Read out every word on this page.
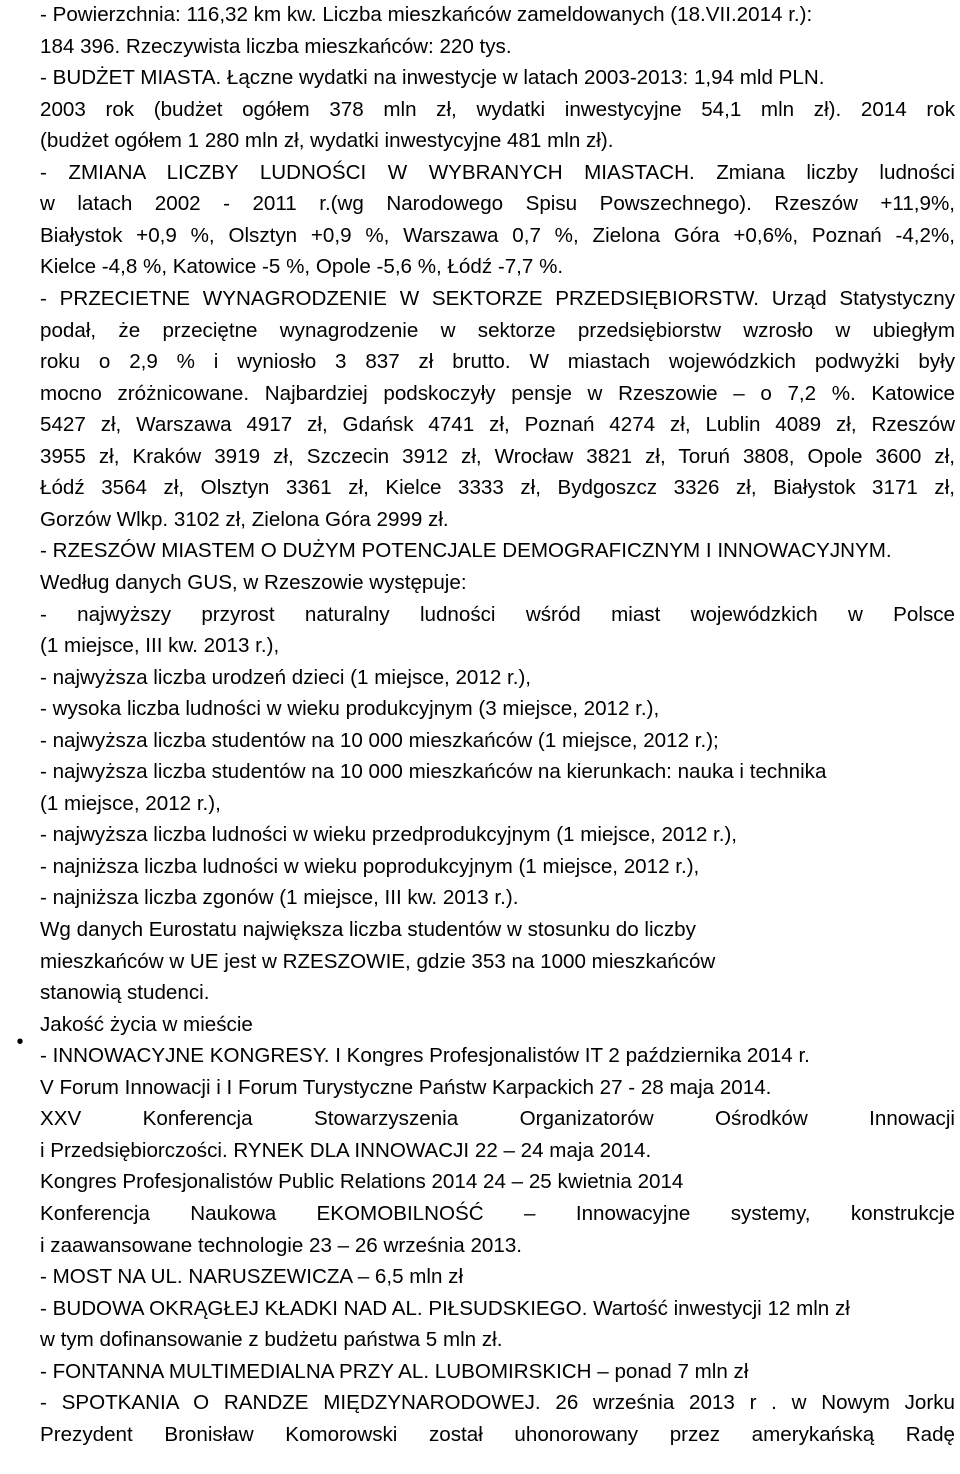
•
- Powierzchnia: 116,32 km kw. Liczba mieszkańców zameldowanych (18.VII.2014 r.):
184 396. Rzeczywista liczba mieszkańców: 220 tys.
- BUDŻET MIASTA. Łączne wydatki na inwestycje w latach 2003-2013: 1,94 mld PLN.
2003 rok (budżet ogółem 378 mln zł, wydatki inwestycyjne 54,1 mln zł). 2014 rok
(budżet ogółem 1 280 mln zł, wydatki inwestycyjne 481 mln zł).
- ZMIANA LICZBY LUDNOŚCI W WYBRANYCH MIASTACH. Zmiana liczby ludności
w latach 2002 - 2011 r.(wg Narodowego Spisu Powszechnego). Rzeszów +11,9%,
Białystok +0,9 %, Olsztyn +0,9 %, Warszawa 0,7 %, Zielona Góra +0,6%, Poznań -4,2%,
Kielce -4,8 %, Katowice -5 %, Opole -5,6 %, Łódź -7,7 %.
- PRZECIETNE WYNAGRODZENIE W SEKTORZE PRZEDSIĘBIORSTW. Urząd Statystyczny
podał, że przeciętne wynagrodzenie w sektorze przedsiębiorstw wzrosło w ubiegłym
roku o 2,9 % i wyniosło 3 837 zł brutto. W miastach wojewódzkich podwyżki były
mocno zróżnicowane. Najbardziej podskoczyły pensje w Rzeszowie – o 7,2 %. Katowice
5427 zł, Warszawa 4917 zł, Gdańsk 4741 zł, Poznań 4274 zł, Lublin 4089 zł, Rzeszów
3955 zł, Kraków 3919 zł, Szczecin 3912 zł, Wrocław 3821 zł, Toruń 3808, Opole 3600 zł,
Łódź 3564 zł, Olsztyn 3361 zł, Kielce 3333 zł, Bydgoszcz 3326 zł, Białystok 3171 zł,
Gorzów Wlkp. 3102 zł, Zielona Góra 2999 zł.
- RZESZÓW MIASTEM O DUŻYM POTENCJALE DEMOGRAFICZNYM I INNOWACYJNYM.
Według danych GUS, w Rzeszowie występuje:
- najwyższy przyrost naturalny ludności wśród miast wojewódzkich w Polsce
(1 miejsce, III kw. 2013 r.),
- najwyższa liczba urodzeń dzieci (1 miejsce, 2012 r.),
- wysoka liczba ludności w wieku produkcyjnym (3 miejsce, 2012 r.),
- najwyższa liczba studentów na 10 000 mieszkańców (1 miejsce, 2012 r.);
- najwyższa liczba studentów na 10 000 mieszkańców na kierunkach: nauka i technika
(1 miejsce, 2012 r.),
- najwyższa liczba ludności w wieku przedprodukcyjnym (1 miejsce, 2012 r.),
- najniższa liczba ludności w wieku poprodukcyjnym (1 miejsce, 2012 r.),
- najniższa liczba zgonów (1 miejsce, III kw. 2013 r.).
Wg danych Eurostatu największa liczba studentów w stosunku do liczby
mieszkańców w UE jest w RZESZOWIE, gdzie 353 na 1000 mieszkańców
stanowią studenci.
Jakość życia w mieście
- INNOWACYJNE KONGRESY. I Kongres Profesjonalistów IT 2 października 2014 r.
V Forum Innowacji i I Forum Turystyczne Państw Karpackich 27 - 28 maja 2014.
XXV Konferencja Stowarzyszenia Organizatorów Ośrodków Innowacji
i Przedsiębiorczości. RYNEK DLA INNOWACJI 22 – 24 maja 2014.
Kongres Profesjonalistów Public Relations 2014 24 – 25 kwietnia 2014
Konferencja Naukowa EKOMOBILNOŚĆ – Innowacyjne systemy, konstrukcje
i zaawansowane technologie 23 – 26 września 2013.
- MOST NA UL. NARUSZEWICZA – 6,5 mln zł
- BUDOWA OKRĄGŁEJ KŁADKI NAD AL. PIŁSUDSKIEGO. Wartość inwestycji 12 mln zł
w tym dofinansowanie z budżetu państwa 5 mln zł.
- FONTANNA MULTIMEDIALNA PRZY AL. LUBOMIRSKICH – ponad 7 mln zł
- SPOTKANIA O RANDZE MIĘDZYNARODOWEJ. 26 września 2013 r . w Nowym Jorku
Prezydent Bronisław Komorowski został uhonorowany przez amerykańską Radę
